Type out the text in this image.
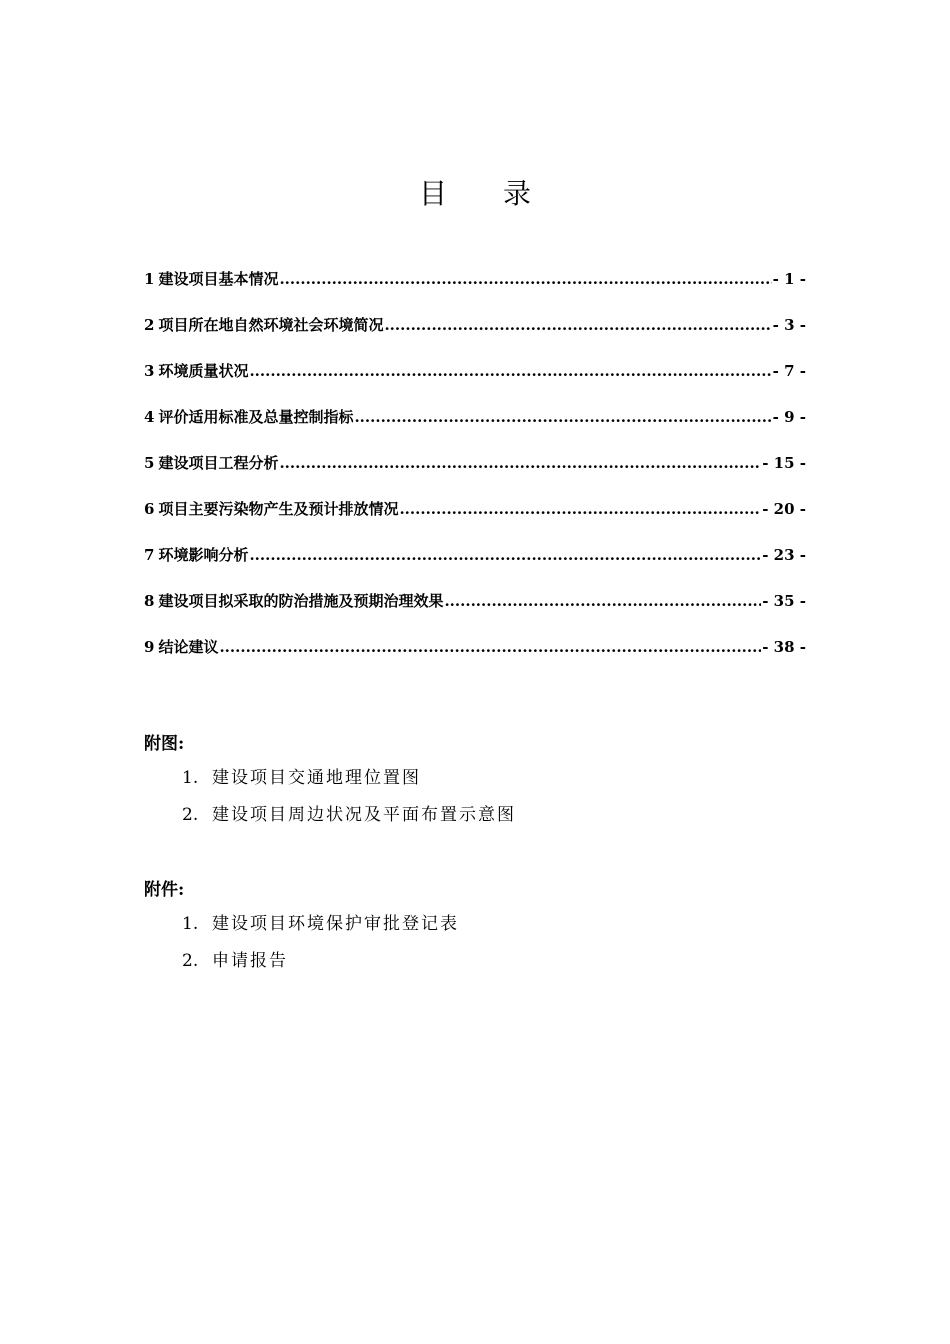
目 录
1 建设项目基本情况 .....	- 1 -
2 项目所在地自然环境社会环境简况 .....	- 3 -
3 环境质量状况 .....	- 7 -
4 评价适用标准及总量控制指标 .....	- 9 -
5 建设项目工程分析 .....	- 15 -
6 项目主要污染物产生及预计排放情况 .....	- 20 -
7 环境影响分析 .....	- 23 -
8 建设项目拟采取的防治措施及预期治理效果 .....	- 35 -
9 结论建议 .....	- 38 -
附图:
1. 建设项目交通地理位置图
2. 建设项目周边状况及平面布置示意图
附件:
1. 建设项目环境保护审批登记表
2. 申请报告
